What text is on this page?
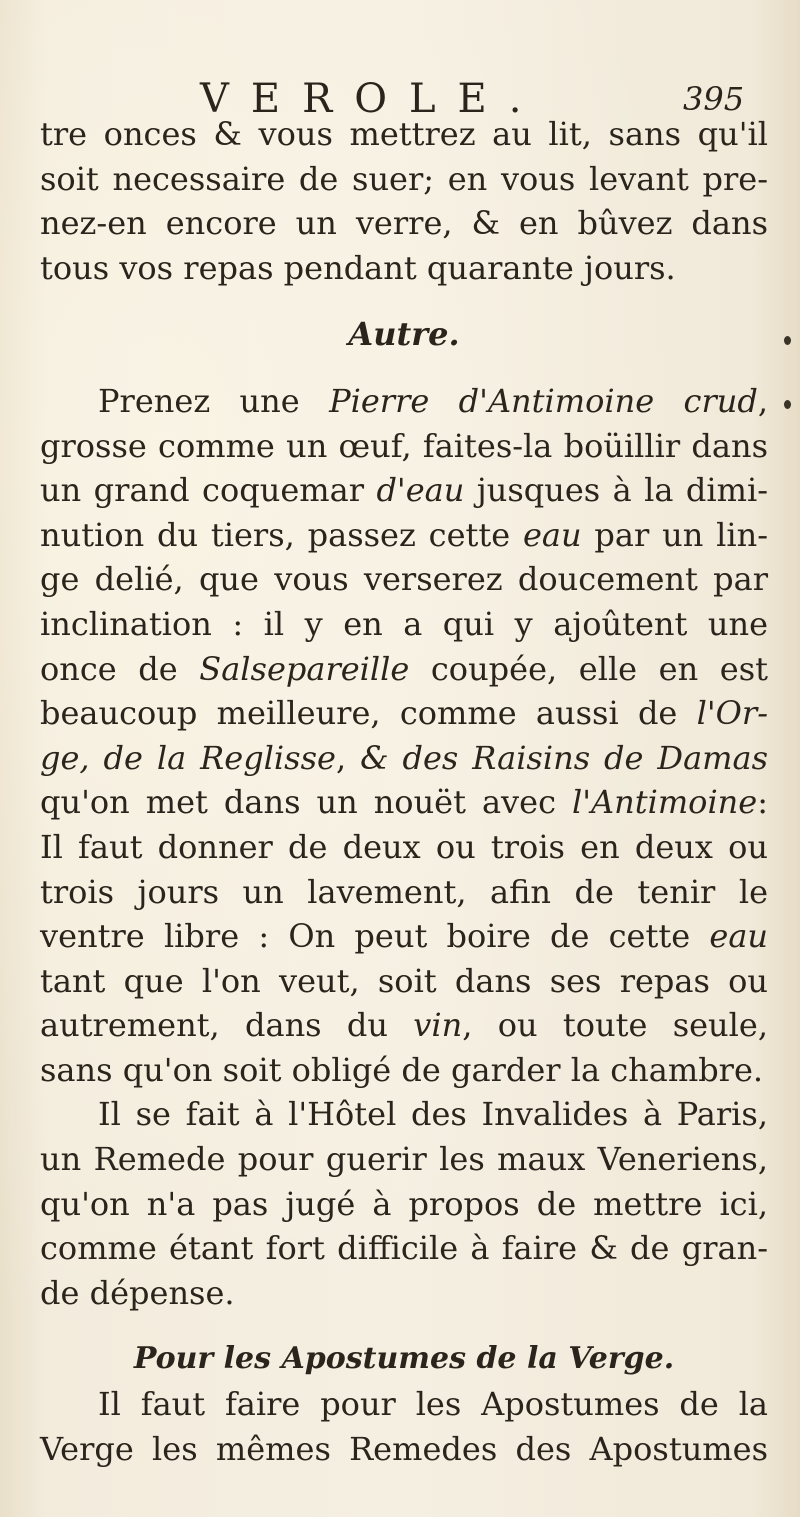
VEROLE.	395
tre onces & vous mettrez au lit, sans qu'il
soit necessaire de suer; en vous levant pre-
nez-en encore un verre, & en bûvez dans
tous vos repas pendant quarante jours.
Autre.
Prenez une Pierre d'Antimoine crud,
grosse comme un œuf, faites-la boüillir dans
un grand coquemar d'eau jusques à la dimi-
nution du tiers, passez cette eau par un lin-
ge delié, que vous verserez doucement par
inclination : il y en a qui y ajoûtent une
once de Salsepareille coupée, elle en est
beaucoup meilleure, comme aussi de l'Or-
ge, de la Reglisse, & des Raisins de Damas
qu'on met dans un nouët avec l'Antimoine:
Il faut donner de deux ou trois en deux ou
trois jours un lavement, afin de tenir le
ventre libre : On peut boire de cette eau
tant que l'on veut, soit dans ses repas ou
autrement, dans du vin, ou toute seule,
sans qu'on soit obligé de garder la chambre.
Il se fait à l'Hôtel des Invalides à Paris,
un Remede pour guerir les maux Veneriens,
qu'on n'a pas jugé à propos de mettre ici,
comme étant fort difficile à faire & de gran-
de dépense.
Pour les Apostumes de la Verge.
Il faut faire pour les Apostumes de la
Verge les mêmes Remedes des Apostumes
